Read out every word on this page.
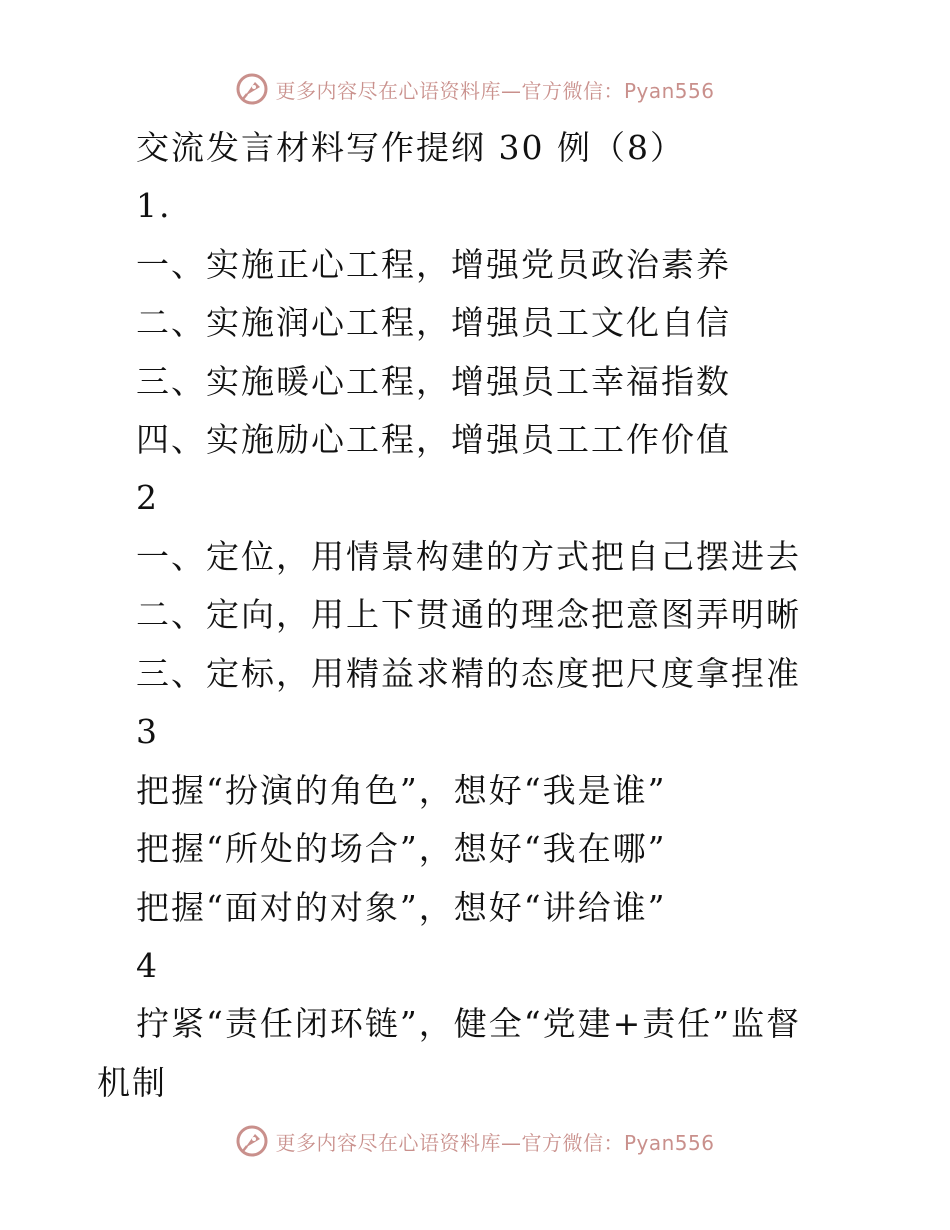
更多内容尽在心语资料库—官方微信：Pyan556
交流发言材料写作提纲 30 例（8）
1.
一、实施正心工程，增强党员政治素养
二、实施润心工程，增强员工文化自信
三、实施暖心工程，增强员工幸福指数
四、实施励心工程，增强员工工作价值
2
一、定位，用情景构建的方式把自己摆进去
二、定向，用上下贯通的理念把意图弄明晰
三、定标，用精益求精的态度把尺度拿捏准
3
把握“扮演的角色”，想好“我是谁”
把握“所处的场合”，想好“我在哪”
把握“面对的对象”，想好“讲给谁”
4
拧紧“责任闭环链”，健全“党建+责任”监督
机制
更多内容尽在心语资料库—官方微信：Pyan556
